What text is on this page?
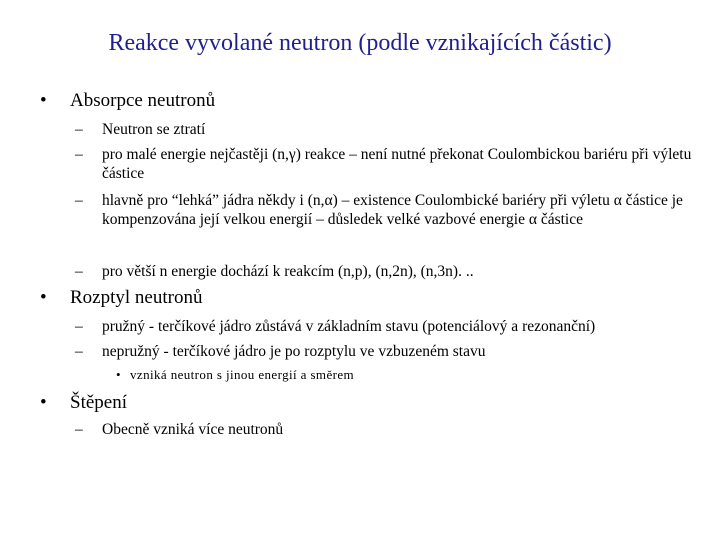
Reakce vyvolané neutron (podle vznikajících částic)
• Absorpce neutronů
– Neutron se ztratí
– pro malé energie nejčastěji (n,γ) reakce – není nutné překonat Coulombickou bariéru při výletu částice
– hlavně pro “lehká” jádra někdy i (n,α) – existence Coulombické bariéry při výletu α částice je kompenzována její velkou energií – důsledek velké vazbové energie α částice
– pro větší n energie dochází k reakcím (n,p), (n,2n), (n,3n). ..
• Rozptyl neutronů
– pružný - terčíkové jádro zůstává v základním stavu (potenciálový a rezonanční)
– nepružný - terčíkové jádro je po rozptylu ve vzbuzeném stavu
• vzniká neutron s jinou energií a směrem
• Štěpení
– Obecně vzniká více neutronů
